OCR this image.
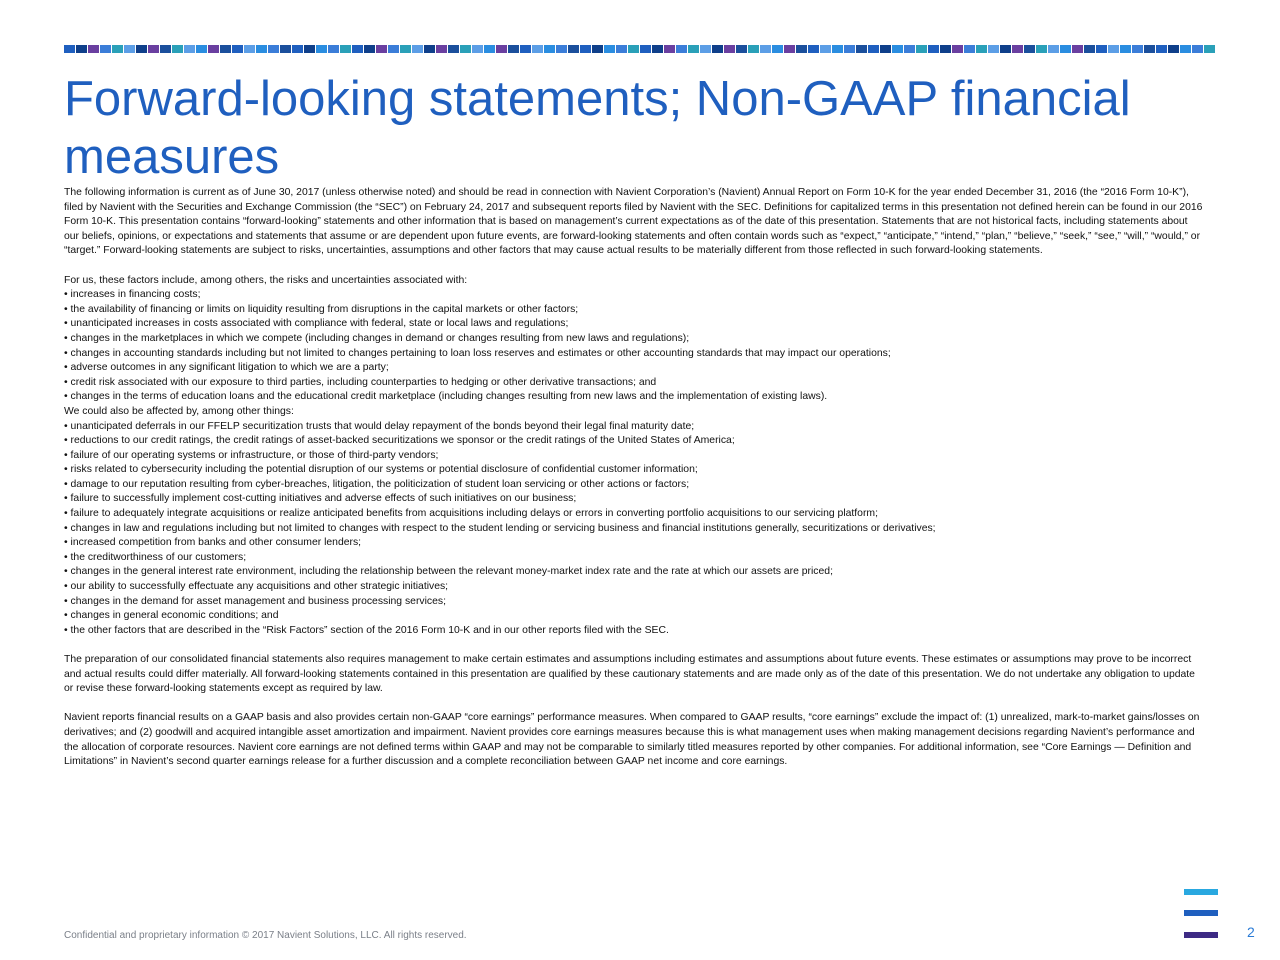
Forward-looking statements; Non-GAAP financial measures

The following information is current as of June 30, 2017 (unless otherwise noted) and should be read in connection with Navient Corporation’s (Navient) Annual Report on Form 10-K for the year ended December 31, 2016 (the “2016 Form 10-K”), filed by Navient with the Securities and Exchange Commission (the “SEC”) on February 24, 2017 and subsequent reports filed by Navient with the SEC. Definitions for capitalized terms in this presentation not defined herein can be found in our 2016 Form 10-K. This presentation contains “forward-looking” statements and other information that is based on management’s current expectations as of the date of this presentation. Statements that are not historical facts, including statements about our beliefs, opinions, or expectations and statements that assume or are dependent upon future events, are forward-looking statements and often contain words such as “expect,” “anticipate,” “intend,” “plan,” “believe,” “seek,” “see,” “will,” “would,” or “target.” Forward-looking statements are subject to risks, uncertainties, assumptions and other factors that may cause actual results to be materially different from those reflected in such forward-looking statements.

For us, these factors include, among others, the risks and uncertainties associated with:

• increases in financing costs;
• the availability of financing or limits on liquidity resulting from disruptions in the capital markets or other factors;
• unanticipated increases in costs associated with compliance with federal, state or local laws and regulations;
• changes in the marketplaces in which we compete (including changes in demand or changes resulting from new laws and regulations);
• changes in accounting standards including but not limited to changes pertaining to loan loss reserves and estimates or other accounting standards that may impact our operations;
• adverse outcomes in any significant litigation to which we are a party;
• credit risk associated with our exposure to third parties, including counterparties to hedging or other derivative transactions; and
• changes in the terms of education loans and the educational credit marketplace (including changes resulting from new laws and the implementation of existing laws).

We could also be affected by, among other things:

• unanticipated deferrals in our FFELP securitization trusts that would delay repayment of the bonds beyond their legal final maturity date;
• reductions to our credit ratings, the credit ratings of asset-backed securitizations we sponsor or the credit ratings of the United States of America;
• failure of our operating systems or infrastructure, or those of third-party vendors;
• risks related to cybersecurity including the potential disruption of our systems or potential disclosure of confidential customer information;
• damage to our reputation resulting from cyber-breaches, litigation, the politicization of student loan servicing or other actions or factors;
• failure to successfully implement cost-cutting initiatives and adverse effects of such initiatives on our business;
• failure to adequately integrate acquisitions or realize anticipated benefits from acquisitions including delays or errors in converting portfolio acquisitions to our servicing platform;
• changes in law and regulations including but not limited to changes with respect to the student lending or servicing business and financial institutions generally, securitizations or derivatives;
• increased competition from banks and other consumer lenders;
• the creditworthiness of our customers;
• changes in the general interest rate environment, including the relationship between the relevant money-market index rate and the rate at which our assets are priced;
• our ability to successfully effectuate any acquisitions and other strategic initiatives;
• changes in the demand for asset management and business processing services;
• changes in general economic conditions; and
• the other factors that are described in the “Risk Factors” section of the 2016 Form 10-K and in our other reports filed with the SEC.

The preparation of our consolidated financial statements also requires management to make certain estimates and assumptions including estimates and assumptions about future events. These estimates or assumptions may prove to be incorrect and actual results could differ materially. All forward-looking statements contained in this presentation are qualified by these cautionary statements and are made only as of the date of this presentation. We do not undertake any obligation to update or revise these forward-looking statements except as required by law.

Navient reports financial results on a GAAP basis and also provides certain non-GAAP “core earnings” performance measures. When compared to GAAP results, “core earnings” exclude the impact of: (1) unrealized, mark-to-market gains/losses on derivatives; and (2) goodwill and acquired intangible asset amortization and impairment. Navient provides core earnings measures because this is what management uses when making management decisions regarding Navient’s performance and the allocation of corporate resources. Navient core earnings are not defined terms within GAAP and may not be comparable to similarly titled measures reported by other companies. For additional information, see “Core Earnings — Definition and Limitations” in Navient’s second quarter earnings release for a further discussion and a complete reconciliation between GAAP net income and core earnings.

Confidential and proprietary information © 2017 Navient Solutions, LLC. All rights reserved.	2
